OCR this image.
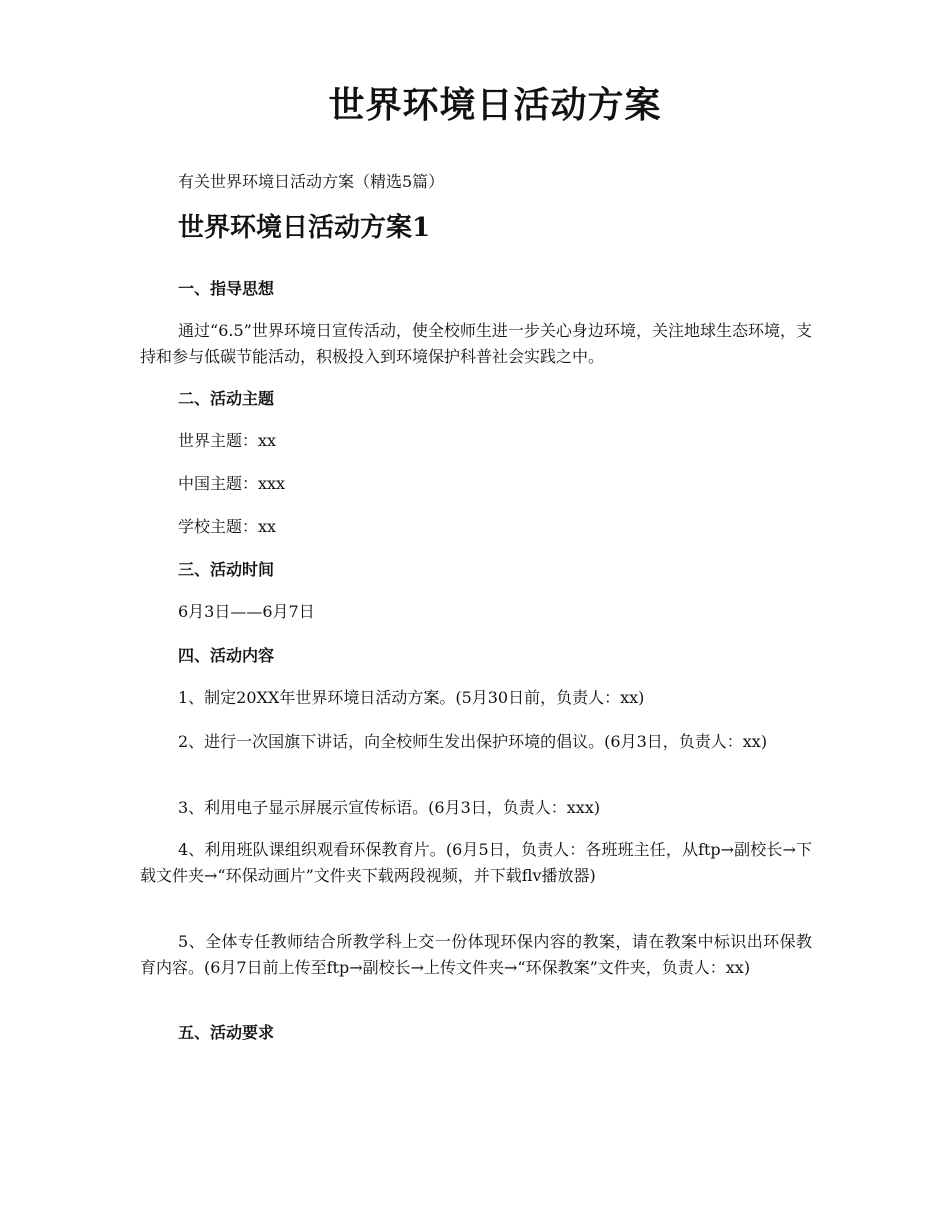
世界环境日活动方案

有关世界环境日活动方案（精选5篇）

世界环境日活动方案1

一、指导思想

通过“6.5”世界环境日宣传活动，使全校师生进一步关心身边环境，关注地球生态环境，支持和参与低碳节能活动，积极投入到环境保护科普社会实践之中。

二、活动主题

世界主题：xx

中国主题：xxx

学校主题：xx

三、活动时间

6月3日——6月7日

四、活动内容

1、制定20XX年世界环境日活动方案。(5月30日前，负责人：xx)

2、进行一次国旗下讲话，向全校师生发出保护环境的倡议。(6月3日，负责人：xx)

3、利用电子显示屏展示宣传标语。(6月3日，负责人：xxx)

4、利用班队课组织观看环保教育片。(6月5日，负责人：各班班主任，从ftp→副校长→下载文件夹→“环保动画片”文件夹下载两段视频，并下载flv播放器)

5、全体专任教师结合所教学科上交一份体现环保内容的教案，请在教案中标识出环保教育内容。(6月7日前上传至ftp→副校长→上传文件夹→“环保教案”文件夹，负责人：xx)

五、活动要求
